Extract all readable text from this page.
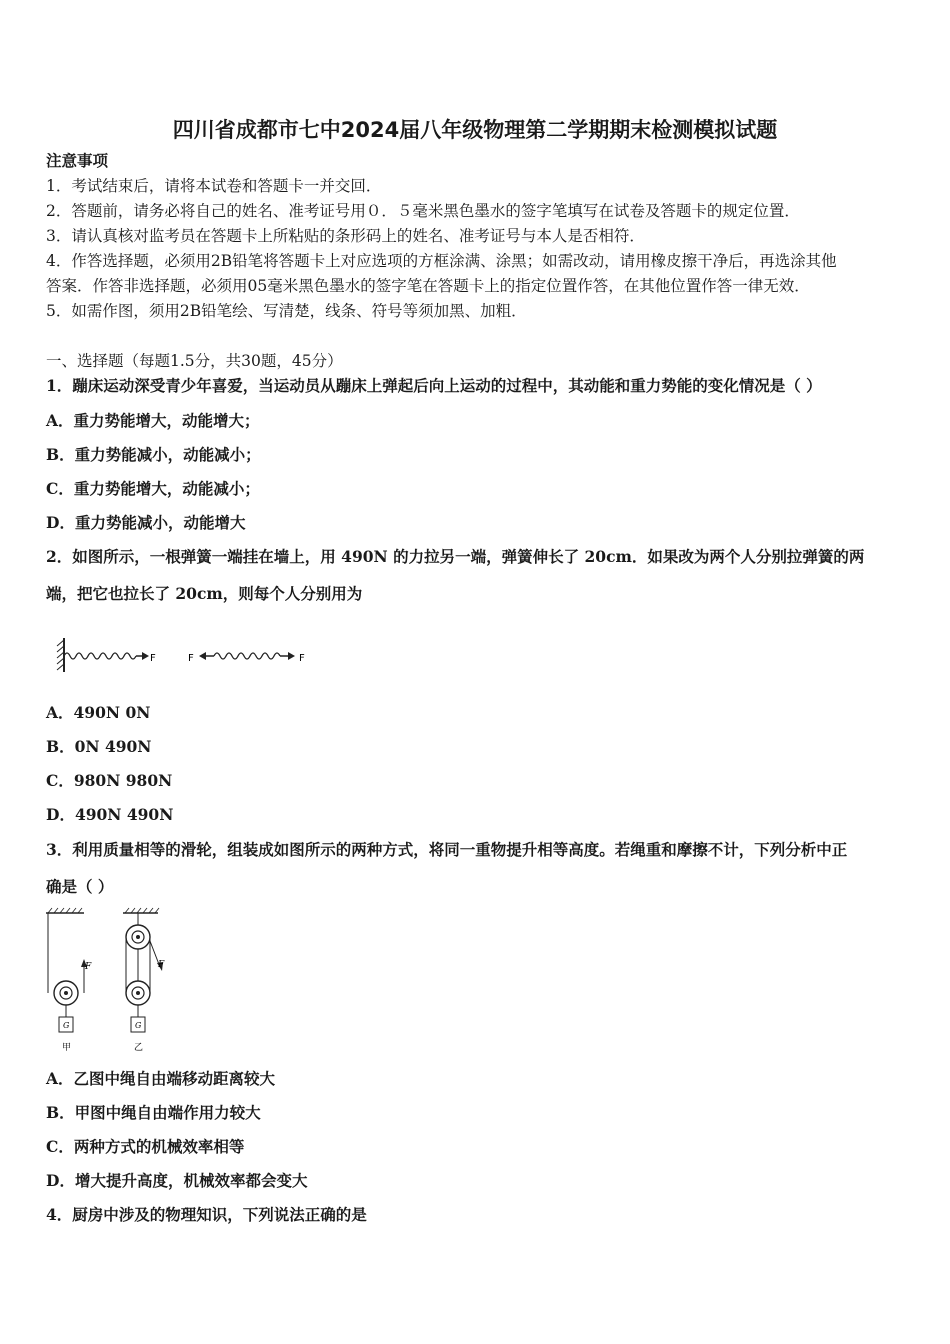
四川省成都市七中2024届八年级物理第二学期期末检测模拟试题
注意事项
1．考试结束后，请将本试卷和答题卡一并交回．
2．答题前，请务必将自己的姓名、准考证号用０．５毫米黑色墨水的签字笔填写在试卷及答题卡的规定位置．
3．请认真核对监考员在答题卡上所粘贴的条形码上的姓名、准考证号与本人是否相符．
4．作答选择题，必须用2B铅笔将答题卡上对应选项的方框涂满、涂黑；如需改动，请用橡皮擦干净后，再选涂其他
答案．作答非选择题，必须用05毫米黑色墨水的签字笔在答题卡上的指定位置作答，在其他位置作答一律无效．
5．如需作图，须用2B铅笔绘、写清楚，线条、符号等须加黑、加粗．
一、选择题（每题1.5分，共30题，45分）
1．蹦床运动深受青少年喜爱，当运动员从蹦床上弹起后向上运动的过程中，其动能和重力势能的变化情况是（ ）
A．重力势能增大，动能增大；
B．重力势能减小，动能减小；
C．重力势能增大，动能减小；
D．重力势能减小，动能增大
2．如图所示，一根弹簧一端挂在墙上，用 490N 的力拉另一端，弹簧伸长了 20cm．如果改为两个人分别拉弹簧的两
端，把它也拉长了 20cm，则每个人分别用为
F	F	F
A．490N 0N
B．0N 490N
C．980N 980N
D．490N 490N
3．利用质量相等的滑轮，组装成如图所示的两种方式，将同一重物提升相等高度。若绳重和摩擦不计，下列分析中正
确是（ ）
F
G
甲
F
G
乙
A．乙图中绳自由端移动距离较大
B．甲图中绳自由端作用力较大
C．两种方式的机械效率相等
D．增大提升高度，机械效率都会变大
4．厨房中涉及的物理知识，下列说法正确的是
